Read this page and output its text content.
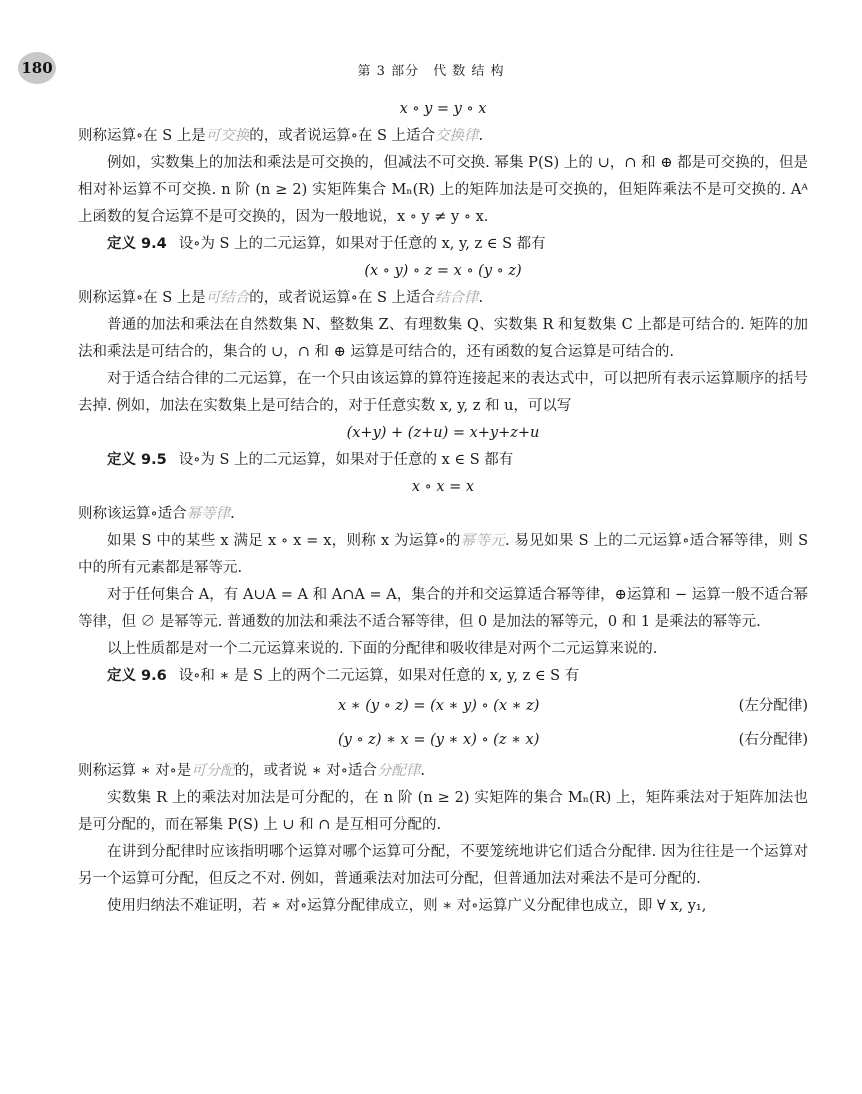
180	第 3 部分　代 数 结 构

x ∘ y = y ∘ x

则称运算∘在 S 上是可交换的，或者说运算∘在 S 上适合交换律.

例如，实数集上的加法和乘法是可交换的，但减法不可交换. 幂集 P(S) 上的 ∪，∩ 和 ⊕ 都是可交换的，但是相对补运算不可交换. n 阶 (n ≥ 2) 实矩阵集合 Mₙ(R) 上的矩阵加法是可交换的，但矩阵乘法不是可交换的. Aᴬ 上函数的复合运算不是可交换的，因为一般地说，x ∘ y ≠ y ∘ x.

定义 9.4 设∘为 S 上的二元运算，如果对于任意的 x, y, z ∈ S 都有

(x ∘ y) ∘ z = x ∘ (y ∘ z)

则称运算∘在 S 上是可结合的，或者说运算∘在 S 上适合结合律.

普通的加法和乘法在自然数集 N、整数集 Z、有理数集 Q、实数集 R 和复数集 C 上都是可结合的. 矩阵的加法和乘法是可结合的，集合的 ∪，∩ 和 ⊕ 运算是可结合的，还有函数的复合运算是可结合的.

对于适合结合律的二元运算，在一个只由该运算的算符连接起来的表达式中，可以把所有表示运算顺序的括号去掉. 例如，加法在实数集上是可结合的，对于任意实数 x, y, z 和 u，可以写

(x+y) + (z+u) = x+y+z+u

定义 9.5 设∘为 S 上的二元运算，如果对于任意的 x ∈ S 都有

x ∘ x = x

则称该运算∘适合幂等律.

如果 S 中的某些 x 满足 x ∘ x = x，则称 x 为运算∘的幂等元. 易见如果 S 上的二元运算∘适合幂等律，则 S 中的所有元素都是幂等元.

对于任何集合 A，有 A∪A = A 和 A∩A = A，集合的并和交运算适合幂等律，⊕运算和 − 运算一般不适合幂等律，但 ∅ 是幂等元. 普通数的加法和乘法不适合幂等律，但 0 是加法的幂等元，0 和 1 是乘法的幂等元.

以上性质都是对一个二元运算来说的. 下面的分配律和吸收律是对两个二元运算来说的.

定义 9.6 设∘和 ∗ 是 S 上的两个二元运算，如果对任意的 x, y, z ∈ S 有

x ∗ (y ∘ z) = (x ∗ y) ∘ (x ∗ z)	(左分配律)
(y ∘ z) ∗ x = (y ∗ x) ∘ (z ∗ x)	(右分配律)

则称运算 ∗ 对∘是可分配的，或者说 ∗ 对∘适合分配律.

实数集 R 上的乘法对加法是可分配的，在 n 阶 (n ≥ 2) 实矩阵的集合 Mₙ(R) 上，矩阵乘法对于矩阵加法也是可分配的，而在幂集 P(S) 上 ∪ 和 ∩ 是互相可分配的.

在讲到分配律时应该指明哪个运算对哪个运算可分配，不要笼统地讲它们适合分配律. 因为往往是一个运算对另一个运算可分配，但反之不对. 例如，普通乘法对加法可分配，但普通加法对乘法不是可分配的.

使用归纳法不难证明，若 ∗ 对∘运算分配律成立，则 ∗ 对∘运算广义分配律也成立，即 ∀ x, y₁,
